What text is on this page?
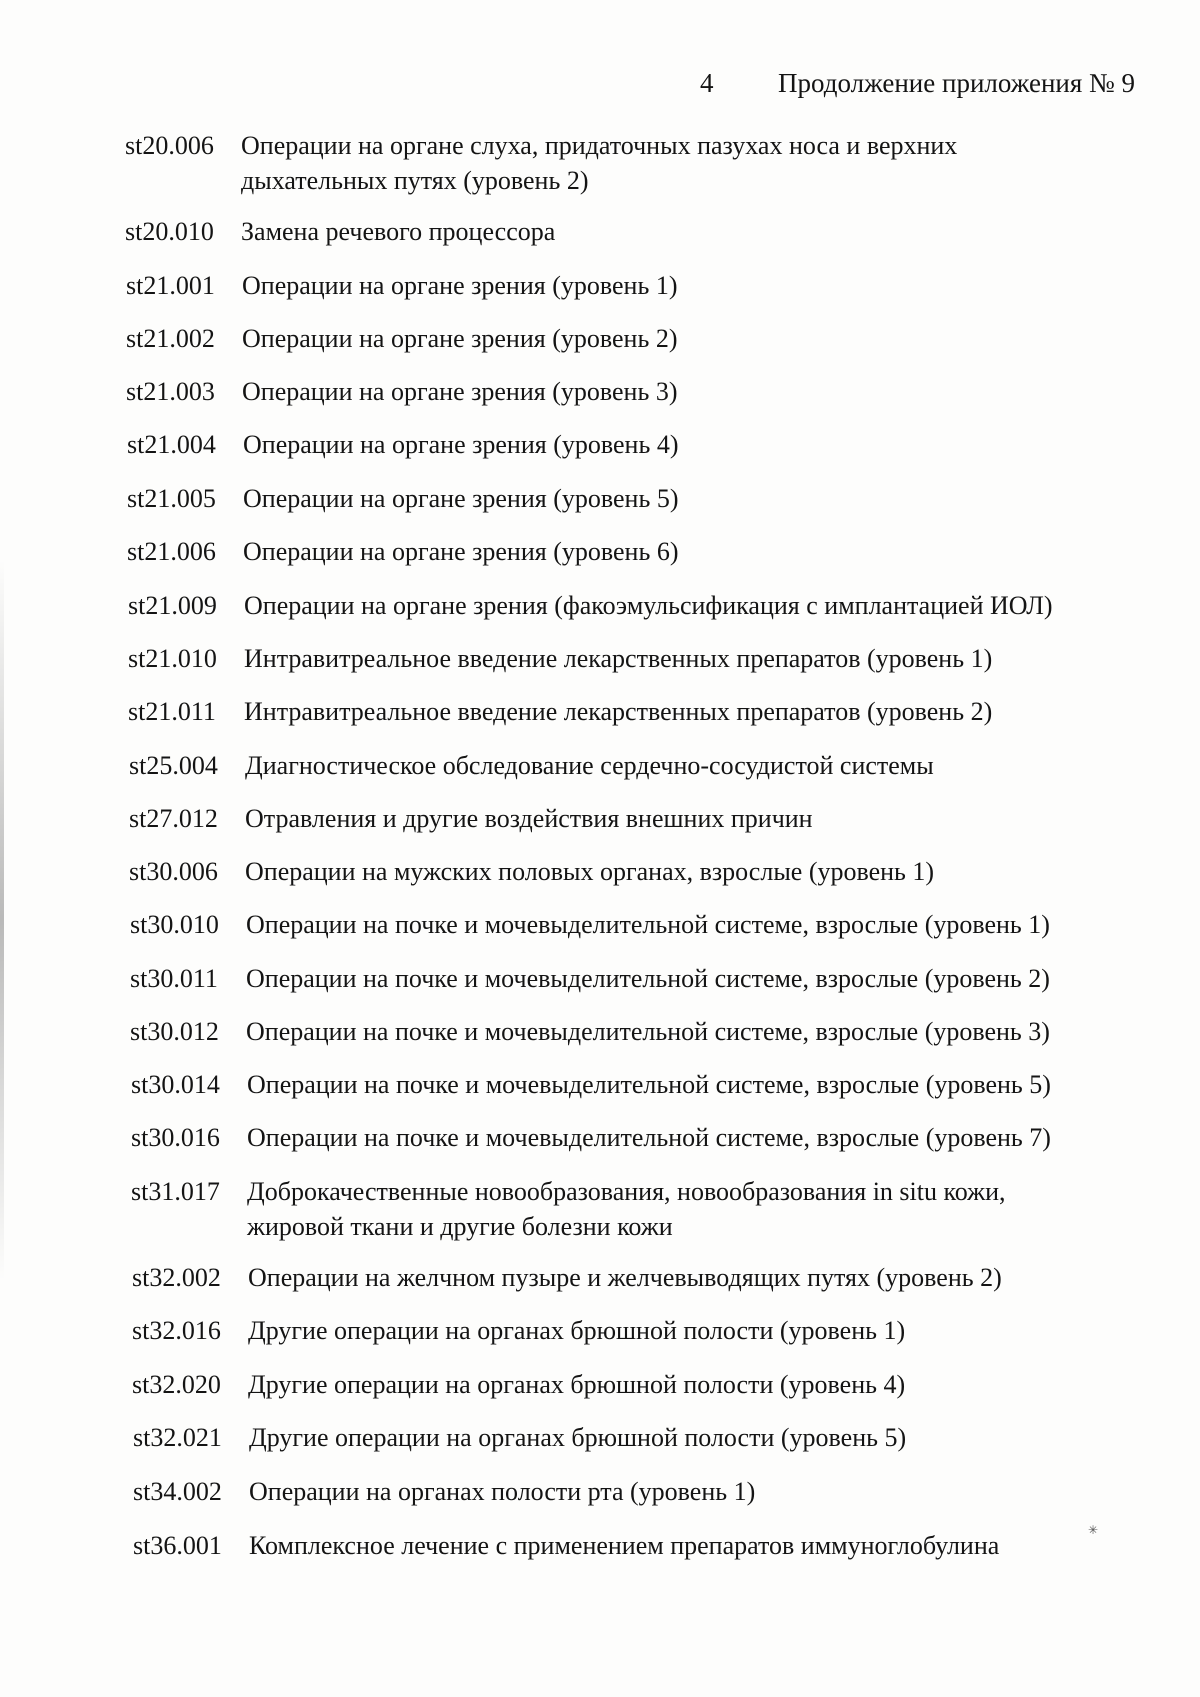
4 Продолжение приложения № 9
st20.006	Операции на органе слуха, придаточных пазухах носа и верхних дыхательных путях (уровень 2)
st20.010	Замена речевого процессора
st21.001	Операции на органе зрения (уровень 1)
st21.002	Операции на органе зрения (уровень 2)
st21.003	Операции на органе зрения (уровень 3)
st21.004	Операции на органе зрения (уровень 4)
st21.005	Операции на органе зрения (уровень 5)
st21.006	Операции на органе зрения (уровень 6)
st21.009	Операции на органе зрения (факоэмульсификация с имплантацией ИОЛ)
st21.010	Интравитреальное введение лекарственных препаратов (уровень 1)
st21.011	Интравитреальное введение лекарственных препаратов (уровень 2)
st25.004	Диагностическое обследование сердечно-сосудистой системы
st27.012	Отравления и другие воздействия внешних причин
st30.006	Операции на мужских половых органах, взрослые (уровень 1)
st30.010	Операции на почке и мочевыделительной системе, взрослые (уровень 1)
st30.011	Операции на почке и мочевыделительной системе, взрослые (уровень 2)
st30.012	Операции на почке и мочевыделительной системе, взрослые (уровень 3)
st30.014	Операции на почке и мочевыделительной системе, взрослые (уровень 5)
st30.016	Операции на почке и мочевыделительной системе, взрослые (уровень 7)
st31.017	Доброкачественные новообразования, новообразования in situ кожи, жировой ткани и другие болезни кожи
st32.002	Операции на желчном пузыре и желчевыводящих путях (уровень 2)
st32.016	Другие операции на органах брюшной полости (уровень 1)
st32.020	Другие операции на органах брюшной полости (уровень 4)
st32.021	Другие операции на органах брюшной полости (уровень 5)
st34.002	Операции на органах полости рта (уровень 1)
st36.001	Комплексное лечение с применением препаратов иммуноглобулина
✳
